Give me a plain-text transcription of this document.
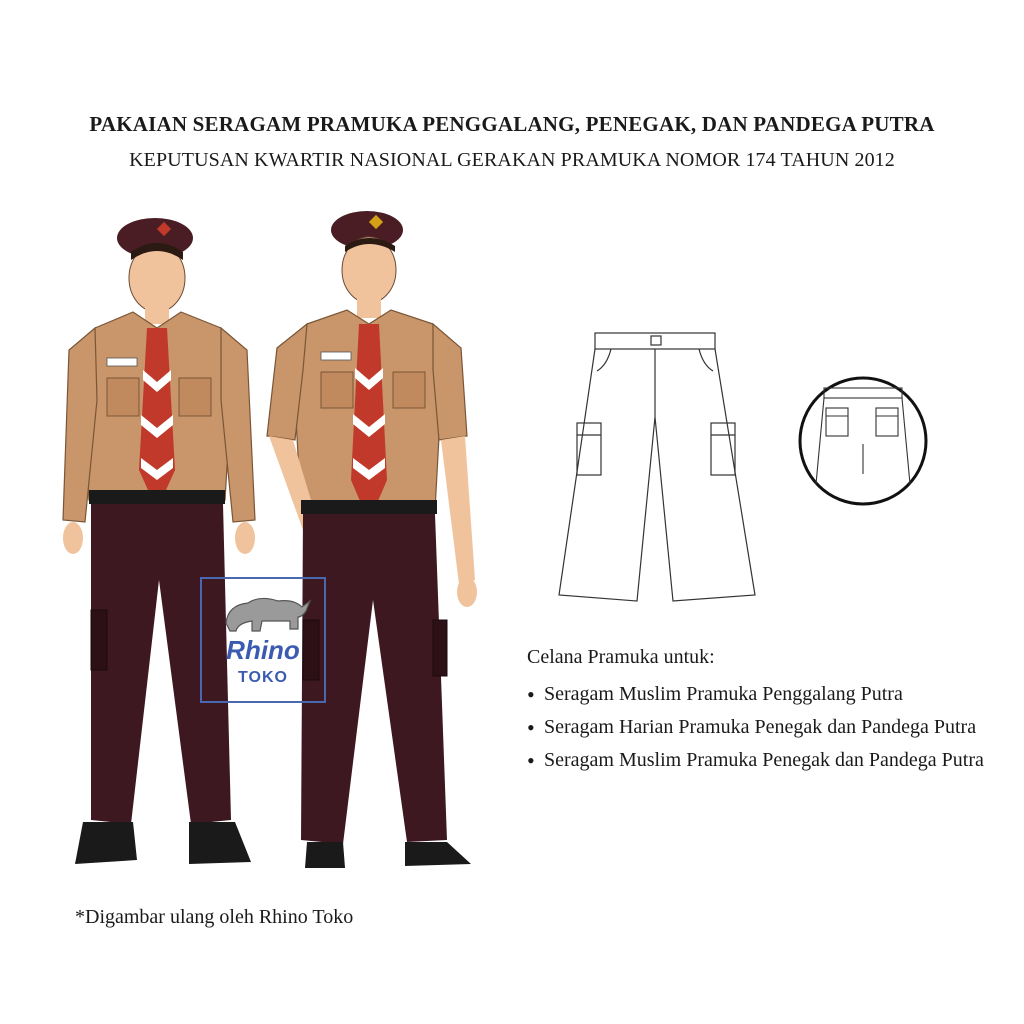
PAKAIAN SERAGAM PRAMUKA PENGGALANG, PENEGAK, DAN PANDEGA PUTRA
KEPUTUSAN KWARTIR NASIONAL GERAKAN PRAMUKA NOMOR 174 TAHUN 2012
Rhino
TOKO
Celana Pramuka untuk:
• Seragam Muslim Pramuka Penggalang Putra
• Seragam Harian Pramuka Penegak dan Pandega Putra
• Seragam Muslim Pramuka Penegak dan Pandega Putra
*Digambar ulang oleh Rhino Toko
